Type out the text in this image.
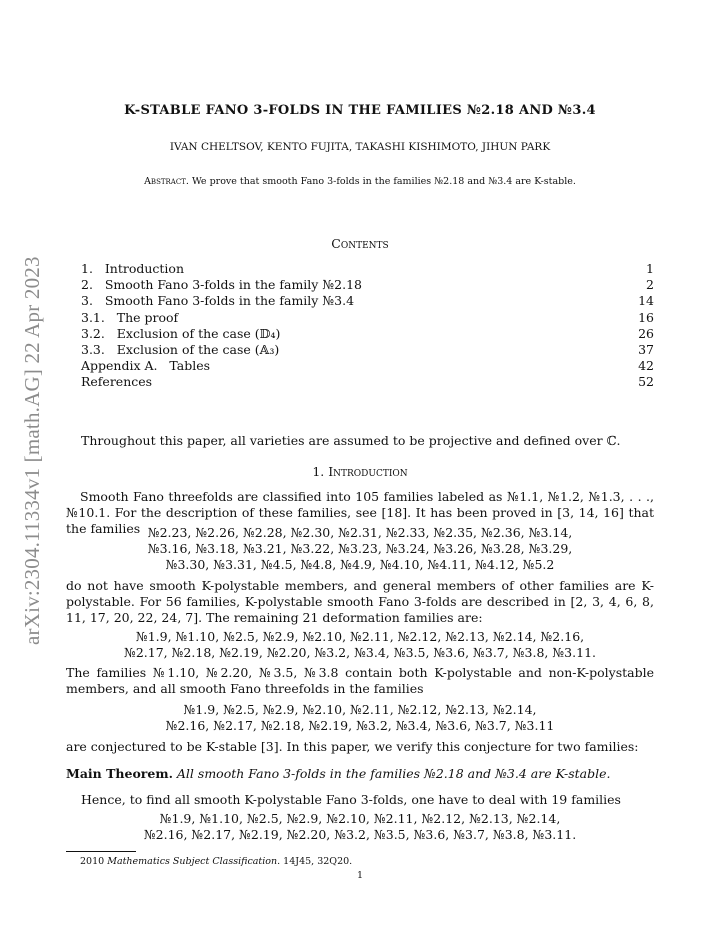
arXiv:2304.11334v1 [math.AG] 22 Apr 2023
K-STABLE FANO 3-FOLDS IN THE FAMILIES №2.18 AND №3.4
IVAN CHELTSOV, KENTO FUJITA, TAKASHI KISHIMOTO, JIHUN PARK
Abstract. We prove that smooth Fano 3-folds in the families №2.18 and №3.4 are K-stable.
Contents
1.   Introduction	1
2.   Smooth Fano 3-folds in the family №2.18	2
3.   Smooth Fano 3-folds in the family №3.4	14
3.1.   The proof	16
3.2.   Exclusion of the case (𝔻₄)	26
3.3.   Exclusion of the case (𝔸₃)	37
Appendix A.   Tables	42
References	52
Throughout this paper, all varieties are assumed to be projective and defined over ℂ.
1. Introduction
Smooth Fano threefolds are classified into 105 families labeled as №1.1, №1.2, №1.3, . . ., №10.1. For the description of these families, see [18]. It has been proved in [3, 14, 16] that the families №2.23, №2.26, №2.28, №2.30, №2.31, №2.33, №2.35, №2.36, №3.14,
№3.16, №3.18, №3.21, №3.22, №3.23, №3.24, №3.26, №3.28, №3.29,
№3.30, №3.31, №4.5, №4.8, №4.9, №4.10, №4.11, №4.12, №5.2
do not have smooth K-polystable members, and general members of other families are K-polystable. For 56 families, K-polystable smooth Fano 3-folds are described in [2, 3, 4, 6, 8, 11, 17, 20, 22, 24, 7]. The remaining 21 deformation families are:
№1.9, №1.10, №2.5, №2.9, №2.10, №2.11, №2.12, №2.13, №2.14, №2.16,
№2.17, №2.18, №2.19, №2.20, №3.2, №3.4, №3.5, №3.6, №3.7, №3.8, №3.11.
The families №1.10, №2.20, №3.5, №3.8 contain both K-polystable and non-K-polystable members, and all smooth Fano threefolds in the families
№1.9, №2.5, №2.9, №2.10, №2.11, №2.12, №2.13, №2.14,
№2.16, №2.17, №2.18, №2.19, №3.2, №3.4, №3.6, №3.7, №3.11
are conjectured to be K-stable [3]. In this paper, we verify this conjecture for two families:
Main Theorem. All smooth Fano 3-folds in the families №2.18 and №3.4 are K-stable.
Hence, to find all smooth K-polystable Fano 3-folds, one have to deal with 19 families
№1.9, №1.10, №2.5, №2.9, №2.10, №2.11, №2.12, №2.13, №2.14,
№2.16, №2.17, №2.19, №2.20, №3.2, №3.5, №3.6, №3.7, №3.8, №3.11.
2010 Mathematics Subject Classification. 14J45, 32Q20.
1
